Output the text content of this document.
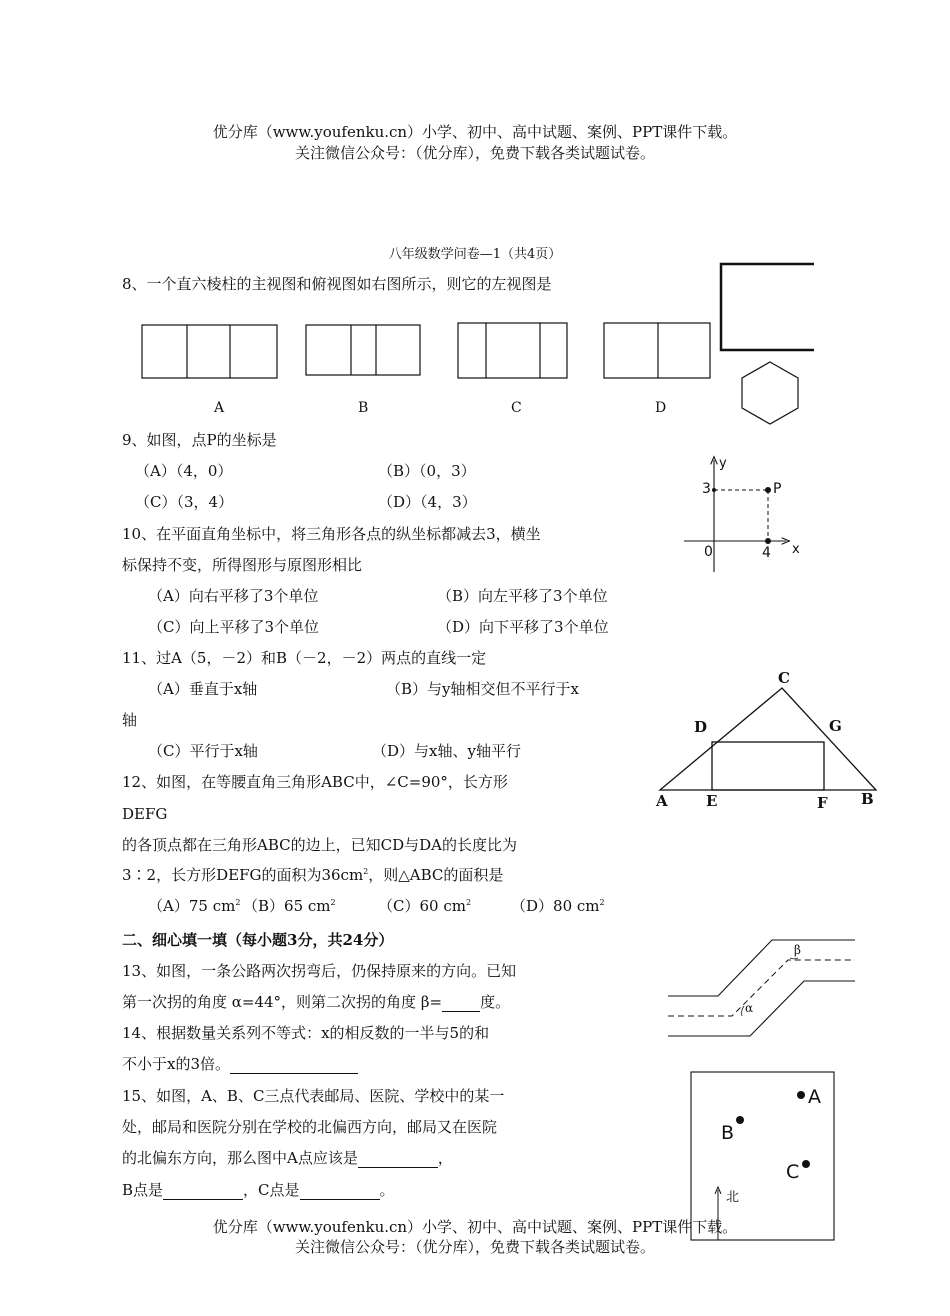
优分库（www.youfenku.cn）小学、初中、高中试题、案例、PPT课件下载。
关注微信公众号：（优分库），免费下载各类试题试卷。
八年级数学问卷—1（共4页）
8、一个直六棱柱的主视图和俯视图如右图所示，则它的左视图是
A	B	C	D
9、如图，点P的坐标是
（A）（4，0）	（B）（0，3）
（C）（3，4）	（D）（4，3）
y
x
0
3
4
P
10、在平面直角坐标中，将三角形各点的纵坐标都减去3，横坐
标保持不变，所得图形与原图形相比
（A）向右平移了3个单位	（B）向左平移了3个单位
（C）向上平移了3个单位	（D）向下平移了3个单位
11、过A（5，－2）和B（－2，－2）两点的直线一定
（A）垂直于x轴	（B）与y轴相交但不平行于x
轴
（C）平行于x轴	（D）与x轴、y轴平行
C
D	G
A	E	F B
12、如图，在等腰直角三角形ABC中，∠C=90°，长方形
DEFG
的各顶点都在三角形ABC的边上，已知CD与DA的长度比为
3∶2，长方形DEFG的面积为$36cm^2$，则△ABC的面积是
（A）75 $cm^2$ （B）65 $cm^2$	（C）60 $cm^2$	（D）80 $cm^2$
二、细心填一填（每小题3分，共24分）
13、如图，一条公路两次拐弯后，仍保持原来的方向。已知
第一次拐的角度 α=44°，则第二次拐的角度 β=	度。	α
β
14、根据数量关系列不等式：x的相反数的一半与5的和
不小于x的3倍。
15、如图，A、B、C三点代表邮局、医院、学校中的某一
处，邮局和医院分别在学校的北偏西方向，邮局又在医院
的北偏东方向，那么图中A点应该是	，
B点是	，C点是	。
A
B
C
北
优分库（www.youfenku.cn）小学、初中、高中试题、案例、PPT课件下载。
关注微信公众号：（优分库），免费下载各类试题试卷。
